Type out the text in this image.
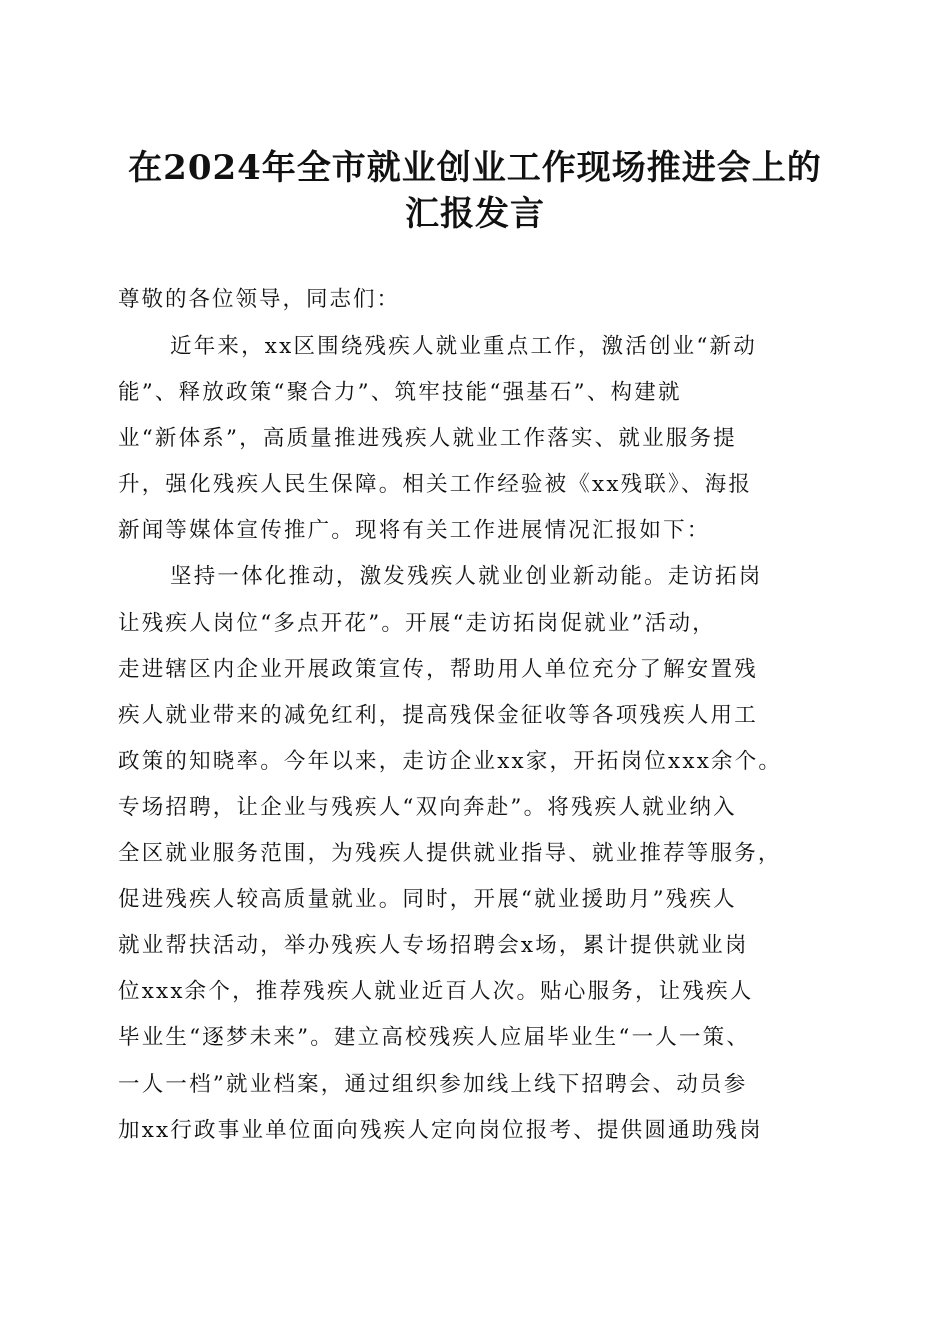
在2024年全市就业创业工作现场推进会上的
汇报发言
尊敬的各位领导，同志们：
近年来，xx区围绕残疾人就业重点工作，激活创业“新动
能”、释放政策“聚合力”、筑牢技能“强基石”、构建就
业“新体系”，高质量推进残疾人就业工作落实、就业服务提
升，强化残疾人民生保障。相关工作经验被《xx残联》、海报
新闻等媒体宣传推广。现将有关工作进展情况汇报如下：
坚持一体化推动，激发残疾人就业创业新动能。走访拓岗
让残疾人岗位“多点开花”。开展“走访拓岗促就业”活动，
走进辖区内企业开展政策宣传，帮助用人单位充分了解安置残
疾人就业带来的减免红利，提高残保金征收等各项残疾人用工
政策的知晓率。今年以来，走访企业xx家，开拓岗位xxx余个。
专场招聘，让企业与残疾人“双向奔赴”。将残疾人就业纳入
全区就业服务范围，为残疾人提供就业指导、就业推荐等服务，
促进残疾人较高质量就业。同时，开展“就业援助月”残疾人
就业帮扶活动，举办残疾人专场招聘会x场，累计提供就业岗
位xxx余个，推荐残疾人就业近百人次。贴心服务，让残疾人
毕业生“逐梦未来”。建立高校残疾人应届毕业生“一人一策、
一人一档”就业档案，通过组织参加线上线下招聘会、动员参
加xx行政事业单位面向残疾人定向岗位报考、提供圆通助残岗
